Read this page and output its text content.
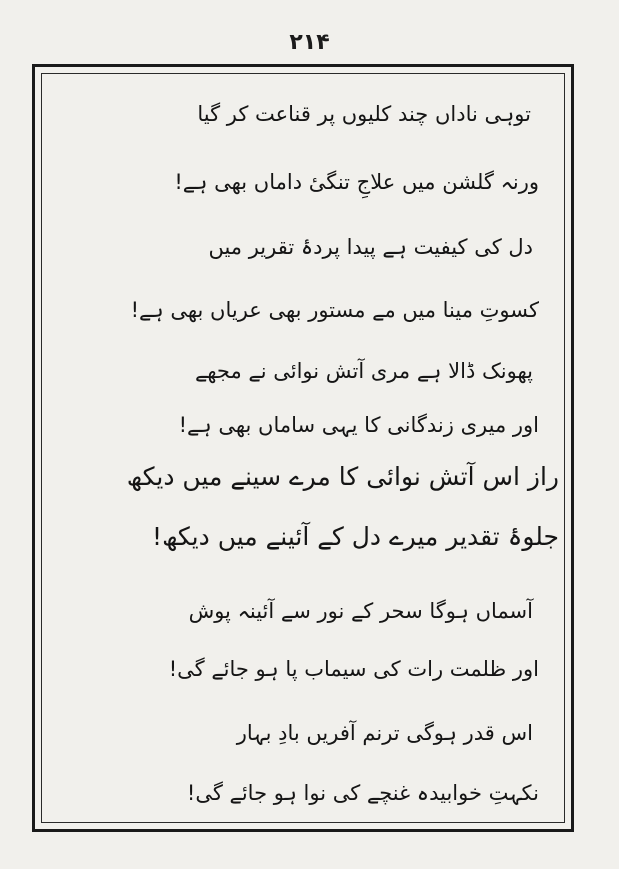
۲۱۴
توہی ناداں چند کلیوں پر قناعت کر گیا
ورنہ گلشن میں علاجِ تنگیٔ داماں بھی ہے!
دل کی کیفیت ہے پیدا پردۂ تقریر میں
کسوتِ مینا میں مے مستور بھی عریاں بھی ہے!
پھونک ڈالا ہے مری آتش نوائی نے مجھے
اور میری زندگانی کا یہی ساماں بھی ہے!
راز اس آتش نوائی کا مرے سینے میں دیکھ
جلوۂ تقدیر میرے دل کے آئینے میں دیکھ!
آسماں ہوگا سحر کے نور سے آئینہ پوش
اور ظلمت رات کی سیماب پا ہو جائے گی!
اس قدر ہوگی ترنم آفریں بادِ بہار
نکہتِ خوابیدہ غنچے کی نوا ہو جائے گی!
